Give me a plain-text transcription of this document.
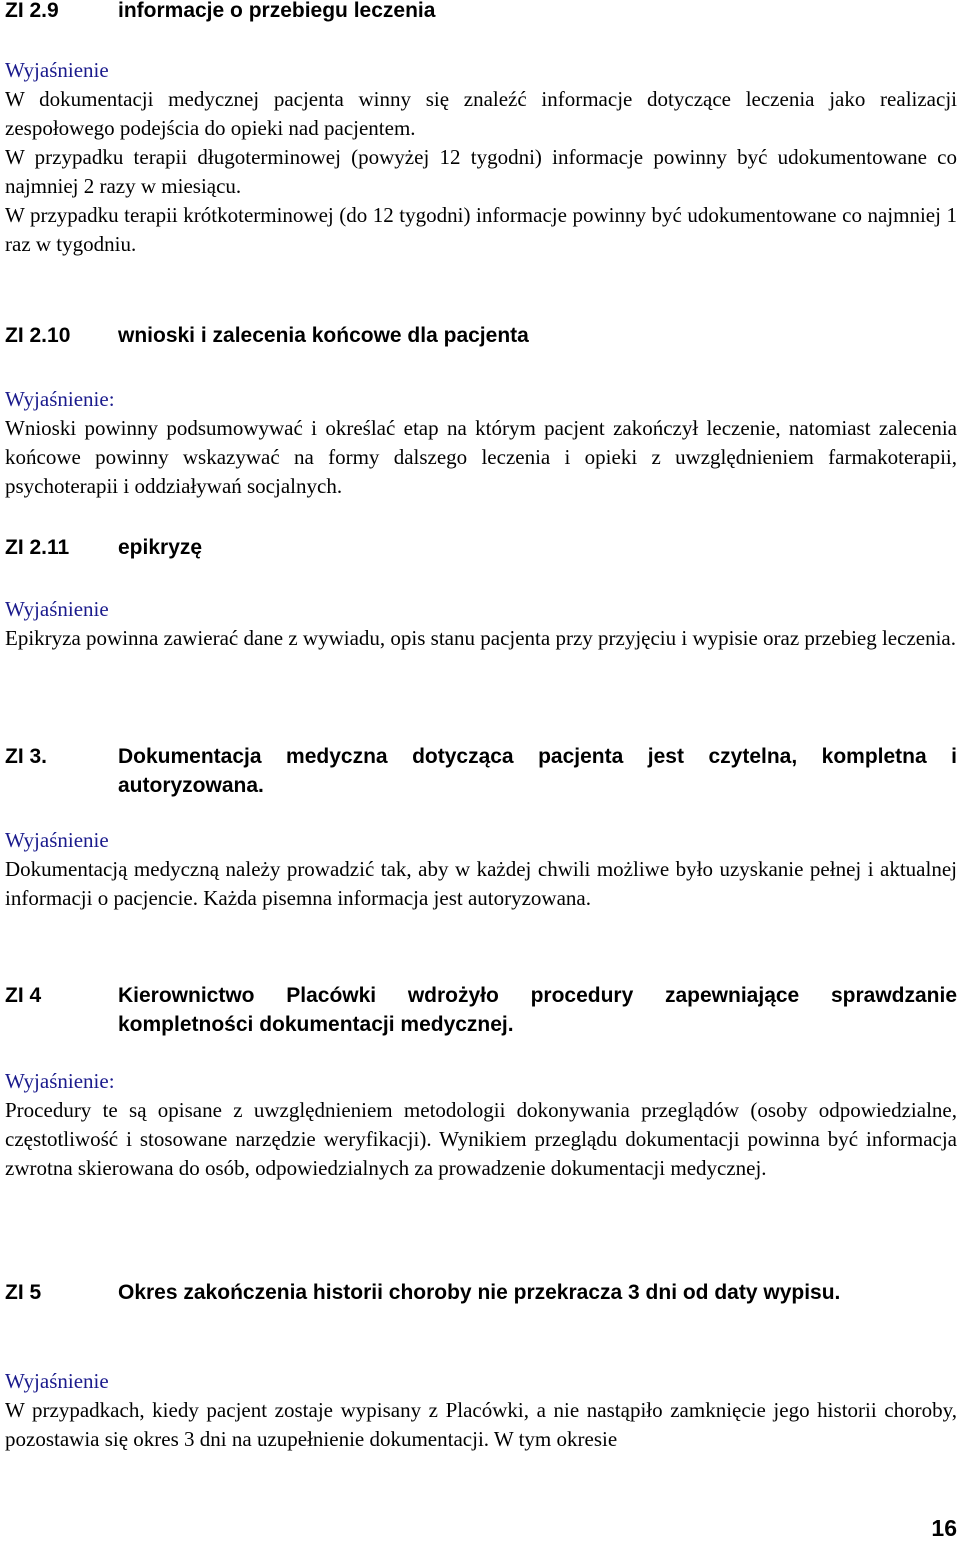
ZI 2.9	informacje o przebiegu leczenia
Wyjaśnienie

W dokumentacji medycznej pacjenta winny się znaleźć informacje dotyczące leczenia jako realizacji zespołowego podejścia do opieki nad pacjentem.

W przypadku terapii długoterminowej (powyżej 12 tygodni) informacje powinny być udokumentowane co najmniej 2 razy w miesiącu.

W przypadku terapii krótkoterminowej (do 12 tygodni) informacje powinny być udokumentowane co najmniej 1 raz w tygodniu.

ZI 2.10 wnioski i zalecenia końcowe dla pacjenta
Wyjaśnienie:

Wnioski powinny podsumowywać i określać etap na którym pacjent zakończył leczenie, natomiast zalecenia końcowe powinny wskazywać na formy dalszego leczenia i opieki z uwzględnieniem farmakoterapii, psychoterapii i oddziaływań socjalnych.

ZI 2.11 epikryzę
Wyjaśnienie

Epikryza powinna zawierać dane z wywiadu, opis stanu pacjenta przy przyjęciu i wypisie oraz przebieg leczenia.

ZI 3.	Dokumentacja medyczna dotycząca pacjenta jest czytelna, kompletna i autoryzowana.
Wyjaśnienie

Dokumentacją medyczną należy prowadzić tak, aby w każdej chwili możliwe było uzyskanie pełnej i aktualnej informacji o pacjencie. Każda pisemna informacja jest autoryzowana.

ZI 4	Kierownictwo Placówki wdrożyło procedury zapewniające sprawdzanie kompletności dokumentacji medycznej.
Wyjaśnienie:

Procedury te są opisane z uwzględnieniem metodologii dokonywania przeglądów (osoby odpowiedzialne, częstotliwość i stosowane narzędzie weryfikacji). Wynikiem przeglądu dokumentacji powinna być informacja zwrotna skierowana do osób, odpowiedzialnych za prowadzenie dokumentacji medycznej.

ZI 5	Okres zakończenia historii choroby nie przekracza 3 dni od daty wypisu.
Wyjaśnienie

W przypadkach, kiedy pacjent zostaje wypisany z Placówki, a nie nastąpiło zamknięcie jego historii choroby, pozostawia się okres 3 dni na uzupełnienie dokumentacji. W tym okresie

16
